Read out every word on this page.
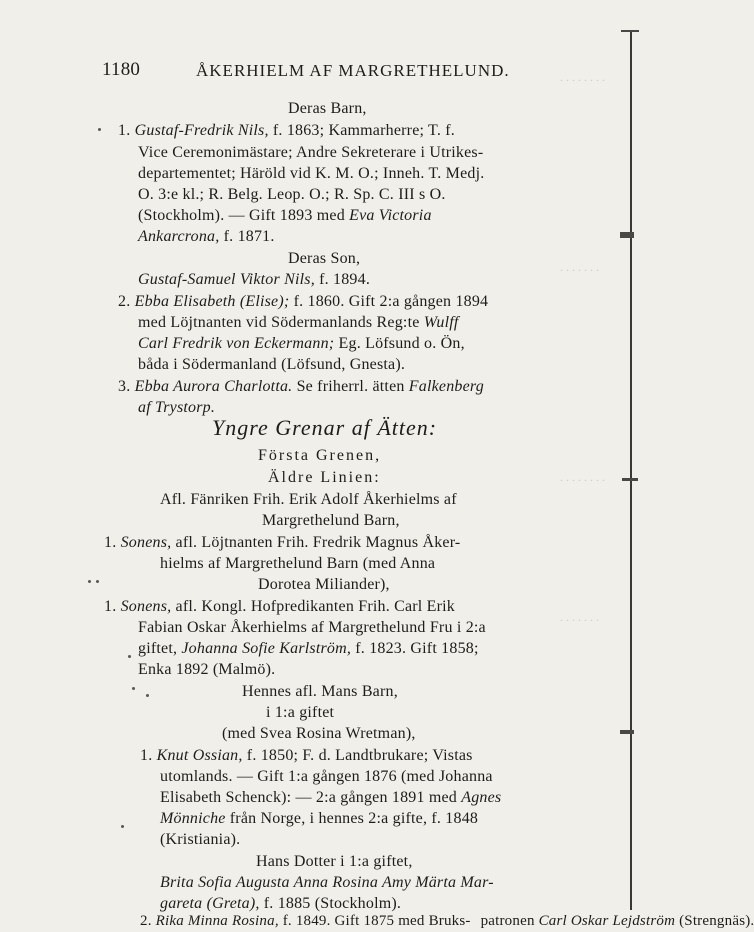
. . . . . . . .
. . . . . . .
. . . . . . . .
. . . . . . .
1180	ÅKERHIELM AF MARGRETHELUND.
Deras Barn,
1. Gustaf-Fredrik Nils, f. 1863; Kammarherre; T. f.
Vice Ceremonimästare; Andre Sekreterare i Utrikes-
departementet; Häröld vid K. M. O.; Inneh. T. Medj.
O. 3:e kl.; R. Belg. Leop. O.; R. Sp. C. III s O.
(Stockholm). — Gift 1893 med Eva Victoria
Ankarcrona, f. 1871.
Deras Son,
Gustaf-Samuel Viktor Nils, f. 1894.
2. Ebba Elisabeth (Elise); f. 1860. Gift 2:a gången 1894
med Löjtnanten vid Södermanlands Reg:te Wulff
Carl Fredrik von Eckermann; Eg. Löfsund o. Ön,
båda i Södermanland (Löfsund, Gnesta).
3. Ebba Aurora Charlotta. Se friherrl. ätten Falkenberg
af Trystorp.
Yngre Grenar af Ätten:
Första Grenen,
Äldre Linien:
Afl. Fänriken Frih. Erik Adolf Åkerhielms af
Margrethelund Barn,
1. Sonens, afl. Löjtnanten Frih. Fredrik Magnus Åker-
hielms af Margrethelund Barn (med Anna
Dorotea Miliander),
1. Sonens, afl. Kongl. Hofpredikanten Frih. Carl Erik
Fabian Oskar Åkerhielms af Margrethelund Fru i 2:a
giftet, Johanna Sofie Karlström, f. 1823. Gift 1858;
Enka 1892 (Malmö).
Hennes afl. Mans Barn,
i 1:a giftet
(med Svea Rosina Wretman),
1. Knut Ossian, f. 1850; F. d. Landtbrukare; Vistas
utomlands. — Gift 1:a gången 1876 (med Johanna
Elisabeth Schenck): — 2:a gången 1891 med Agnes
Mönniche från Norge, i hennes 2:a gifte, f. 1848
(Kristiania).
Hans Dotter i 1:a giftet,
Brita Sofia Augusta Anna Rosina Amy Märta Mar-
gareta (Greta), f. 1885 (Stockholm).
2. Rika Minna Rosina, f. 1849. Gift 1875 med Bruks- patronen Carl Oskar Lejdström (Strengnäs).
